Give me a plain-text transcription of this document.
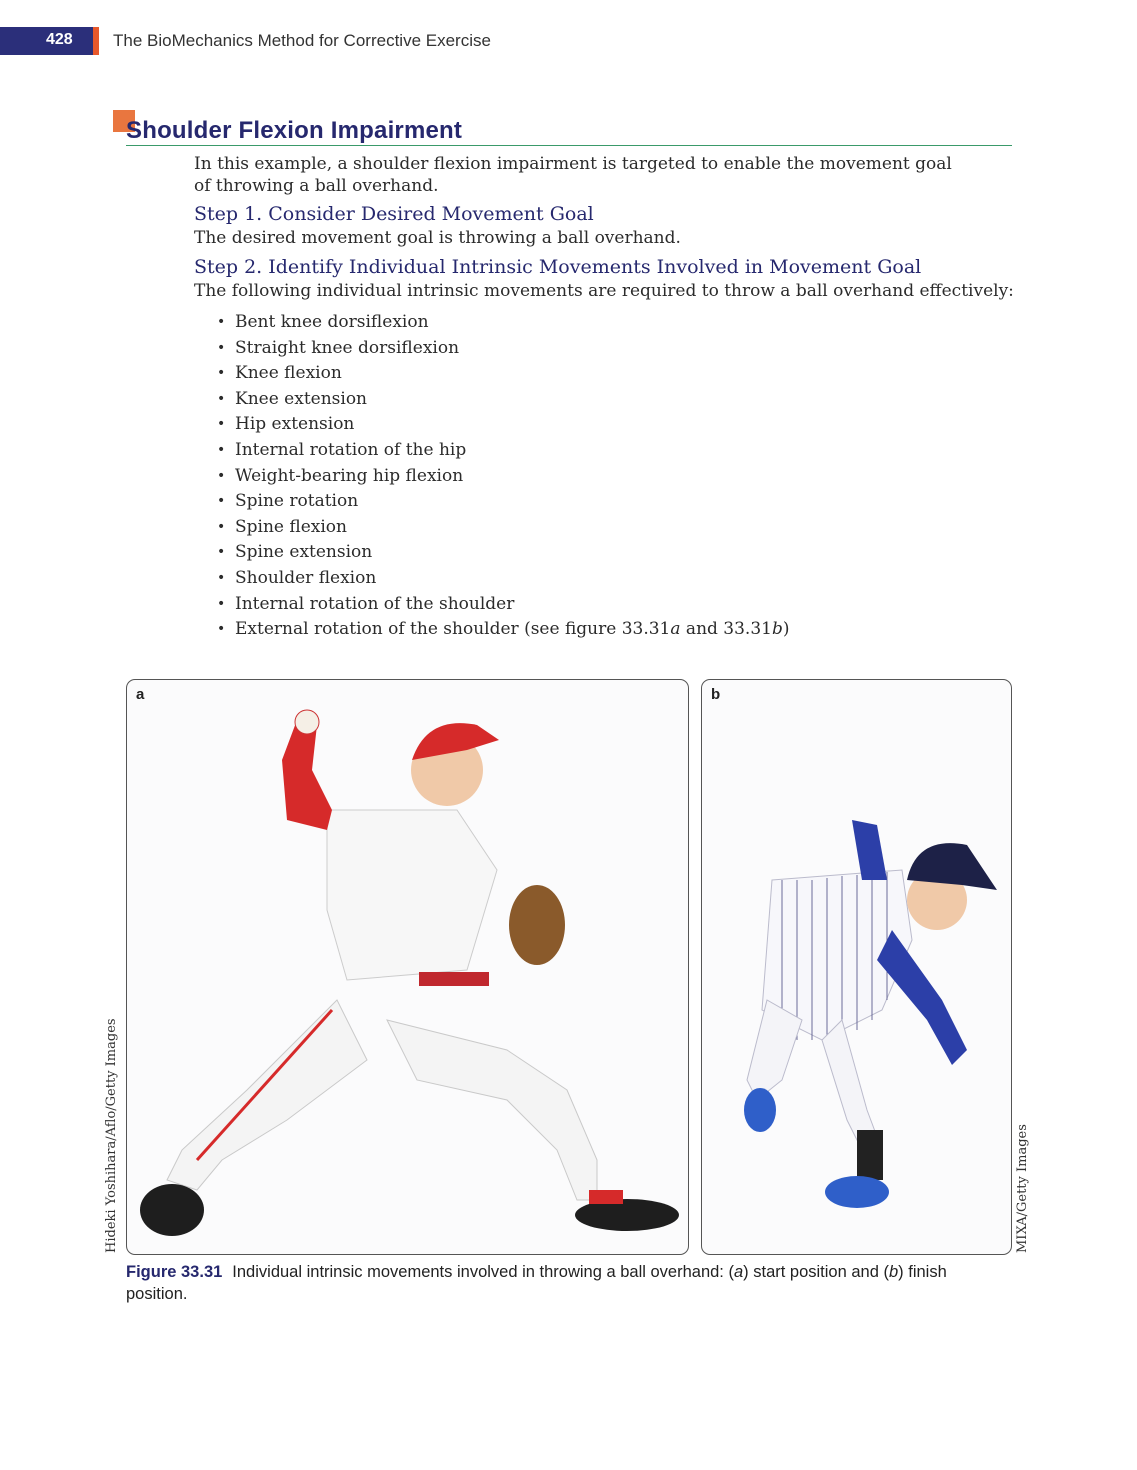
428 The BioMechanics Method for Corrective Exercise
Shoulder Flexion Impairment
In this example, a shoulder flexion impairment is targeted to enable the movement goal of throwing a ball overhand.
Step 1. Consider Desired Movement Goal
The desired movement goal is throwing a ball overhand.
Step 2. Identify Individual Intrinsic Movements Involved in Movement Goal
The following individual intrinsic movements are required to throw a ball overhand effectively:
• Bent knee dorsiflexion
• Straight knee dorsiflexion
• Knee flexion
• Knee extension
• Hip extension
• Internal rotation of the hip
• Weight-bearing hip flexion
• Spine rotation
• Spine flexion
• Spine extension
• Shoulder flexion
• Internal rotation of the shoulder
• External rotation of the shoulder (see figure 33.31a and 33.31b)
a	b
Hideki Yoshihara/Aflo/Getty Images	MIXA/Getty Images
Figure 33.31 Individual intrinsic movements involved in throwing a ball overhand: (a) start position and (b) finish position.
